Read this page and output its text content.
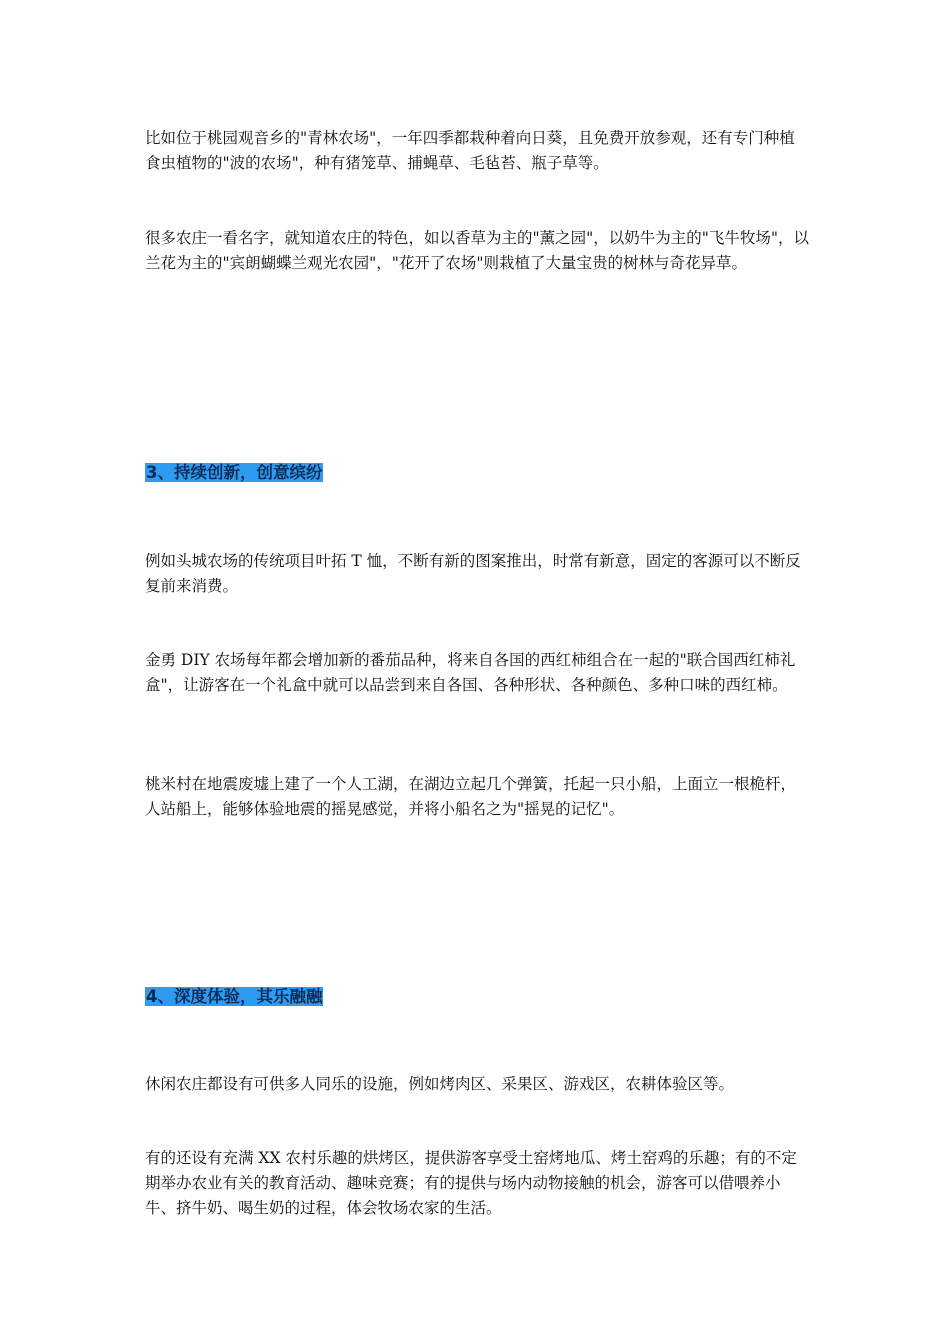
比如位于桃园观音乡的"青林农场"，一年四季都栽种着向日葵，且免费开放参观，还有专门种植食虫植物的"波的农场"，种有猪笼草、捕蝇草、毛毡苔、瓶子草等。

很多农庄一看名字，就知道农庄的特色，如以香草为主的"薰之园"，以奶牛为主的"飞牛牧场"，以兰花为主的"宾朗蝴蝶兰观光农园"，"花开了农场"则栽植了大量宝贵的树林与奇花异草。

3、持续创新，创意缤纷

例如头城农场的传统项目叶拓 T 恤，不断有新的图案推出，时常有新意，固定的客源可以不断反复前来消费。

金勇 DIY 农场每年都会增加新的番茄品种，将来自各国的西红柿组合在一起的"联合国西红柿礼盒"，让游客在一个礼盒中就可以品尝到来自各国、各种形状、各种颜色、多种口味的西红柿。

桃米村在地震废墟上建了一个人工湖，在湖边立起几个弹簧，托起一只小船，上面立一根桅杆，人站船上，能够体验地震的摇晃感觉，并将小船名之为"摇晃的记忆"。

4、深度体验，其乐融融

休闲农庄都设有可供多人同乐的设施，例如烤肉区、采果区、游戏区，农耕体验区等。

有的还设有充满 XX 农村乐趣的烘烤区，提供游客享受土窑烤地瓜、烤土窑鸡的乐趣；有的不定期举办农业有关的教育活动、趣味竞赛；有的提供与场内动物接触的机会，游客可以借喂养小牛、挤牛奶、喝生奶的过程，体会牧场农家的生活。
